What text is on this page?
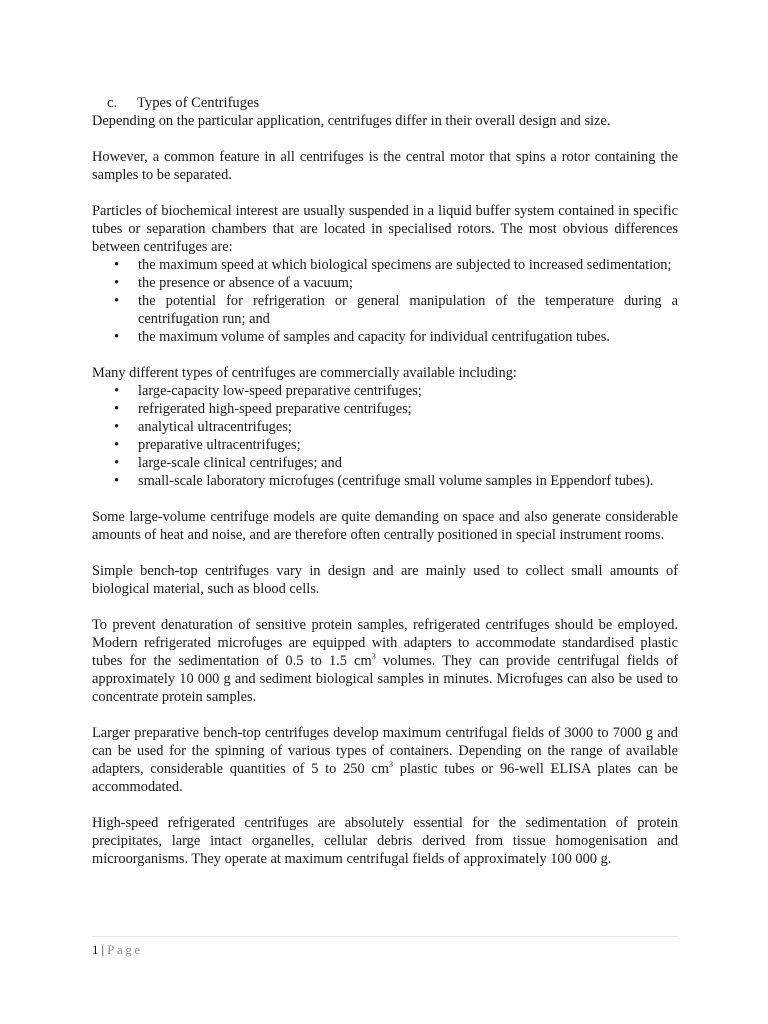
c. Types of Centrifuges

Depending on the particular application, centrifuges differ in their overall design and size.

However, a common feature in all centrifuges is the central motor that spins a rotor containing the samples to be separated.

Particles of biochemical interest are usually suspended in a liquid buffer system contained in specific tubes or separation chambers that are located in specialised rotors. The most obvious differences between centrifuges are:

• the maximum speed at which biological specimens are subjected to increased sedimentation;
• the presence or absence of a vacuum;
• the potential for refrigeration or general manipulation of the temperature during a centrifugation run; and
• the maximum volume of samples and capacity for individual centrifugation tubes.

Many different types of centrifuges are commercially available including:

• large-capacity low-speed preparative centrifuges;
• refrigerated high-speed preparative centrifuges;
• analytical ultracentrifuges;
• preparative ultracentrifuges;
• large-scale clinical centrifuges; and
• small-scale laboratory microfuges (centrifuge small volume samples in Eppendorf tubes).

Some large-volume centrifuge models are quite demanding on space and also generate considerable amounts of heat and noise, and are therefore often centrally positioned in special instrument rooms.

Simple bench-top centrifuges vary in design and are mainly used to collect small amounts of biological material, such as blood cells.

To prevent denaturation of sensitive protein samples, refrigerated centrifuges should be employed. Modern refrigerated microfuges are equipped with adapters to accommodate standardised plastic tubes for the sedimentation of 0.5 to 1.5 $cm^3$ volumes. They can provide centrifugal fields of approximately 10 000 g and sediment biological samples in minutes. Microfuges can also be used to concentrate protein samples.

Larger preparative bench-top centrifuges develop maximum centrifugal fields of 3000 to 7000 g and can be used for the spinning of various types of containers. Depending on the range of available adapters, considerable quantities of 5 to 250 $cm^3$ plastic tubes or 96-well ELISA plates can be accommodated.

High-speed refrigerated centrifuges are absolutely essential for the sedimentation of protein precipitates, large intact organelles, cellular debris derived from tissue homogenisation and microorganisms. They operate at maximum centrifugal fields of approximately 100 000 g.

1 | Page
